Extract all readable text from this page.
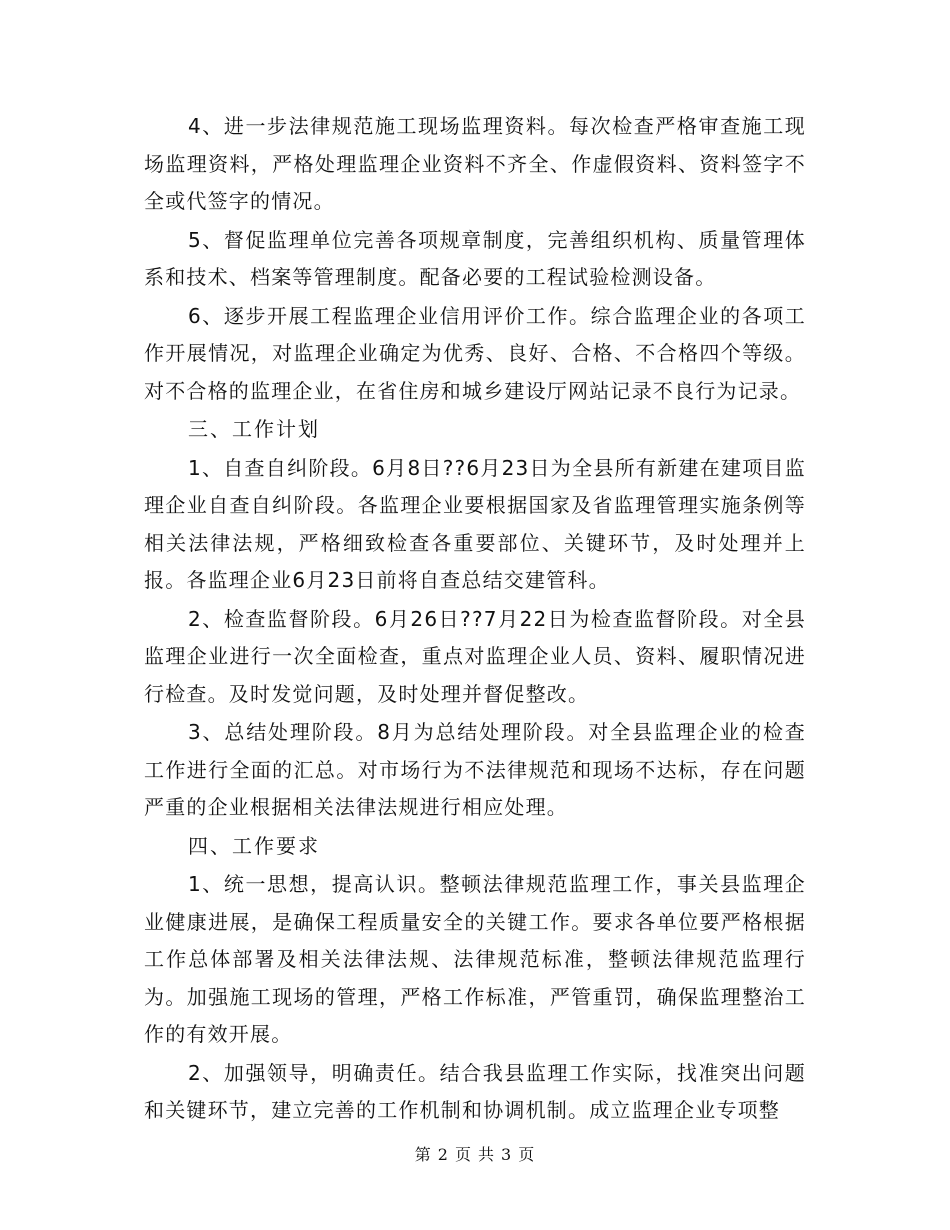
4、进一步法律规范施工现场监理资料。每次检查严格审查施工现场监理资料，严格处理监理企业资料不齐全、作虚假资料、资料签字不全或代签字的情况。

5、督促监理单位完善各项规章制度，完善组织机构、质量管理体系和技术、档案等管理制度。配备必要的工程试验检测设备。

6、逐步开展工程监理企业信用评价工作。综合监理企业的各项工作开展情况，对监理企业确定为优秀、良好、合格、不合格四个等级。对不合格的监理企业，在省住房和城乡建设厅网站记录不良行为记录。

三、工作计划

1、自查自纠阶段。6月8日??6月23日为全县所有新建在建项目监理企业自查自纠阶段。各监理企业要根据国家及省监理管理实施条例等相关法律法规，严格细致检查各重要部位、关键环节，及时处理并上报。各监理企业6月23日前将自查总结交建管科。

2、检查监督阶段。6月26日??7月22日为检查监督阶段。对全县监理企业进行一次全面检查，重点对监理企业人员、资料、履职情况进行检查。及时发觉问题，及时处理并督促整改。

3、总结处理阶段。8月为总结处理阶段。对全县监理企业的检查工作进行全面的汇总。对市场行为不法律规范和现场不达标，存在问题严重的企业根据相关法律法规进行相应处理。

四、工作要求

1、统一思想，提高认识。整顿法律规范监理工作，事关县监理企业健康进展，是确保工程质量安全的关键工作。要求各单位要严格根据工作总体部署及相关法律法规、法律规范标准，整顿法律规范监理行为。加强施工现场的管理，严格工作标准，严管重罚，确保监理整治工作的有效开展。

2、加强领导，明确责任。结合我县监理工作实际，找准突出问题和关键环节，建立完善的工作机制和协调机制。成立监理企业专项整

第 2 页 共 3 页
